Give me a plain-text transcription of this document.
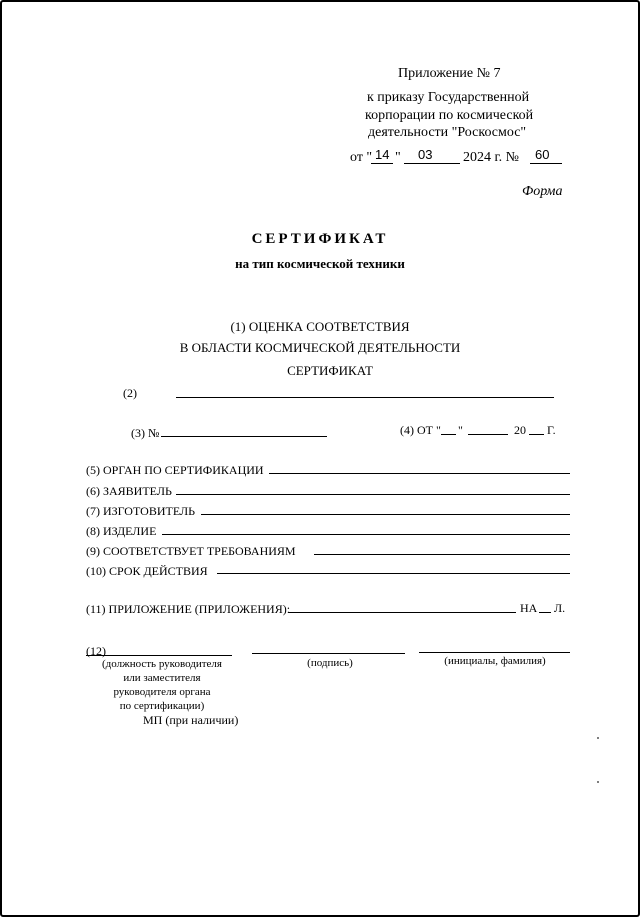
Приложение № 7
к приказу Государственной
корпорации по космической
деятельности "Роскосмос"
от " 14 " 03 2024 г. № 60
Форма
СЕРТИФИКАТ
на тип космической техники
(1) ОЦЕНКА СООТВЕТСТВИЯ
В ОБЛАСТИ КОСМИЧЕСКОЙ ДЕЯТЕЛЬНОСТИ
СЕРТИФИКАТ
(2)
(3) №	(4) ОТ " "	20 Г.
(5) ОРГАН ПО СЕРТИФИКАЦИИ
(6) ЗАЯВИТЕЛЬ
(7) ИЗГОТОВИТЕЛЬ
(8) ИЗДЕЛИЕ
(9) СООТВЕТСТВУЕТ ТРЕБОВАНИЯМ
(10) СРОК ДЕЙСТВИЯ
(11) ПРИЛОЖЕНИЕ (ПРИЛОЖЕНИЯ):	НА Л.
(12)
(должность руководителя
или заместителя
руководителя органа
по сертификации)
(подпись)	(инициалы, фамилия)
МП (при наличии)
